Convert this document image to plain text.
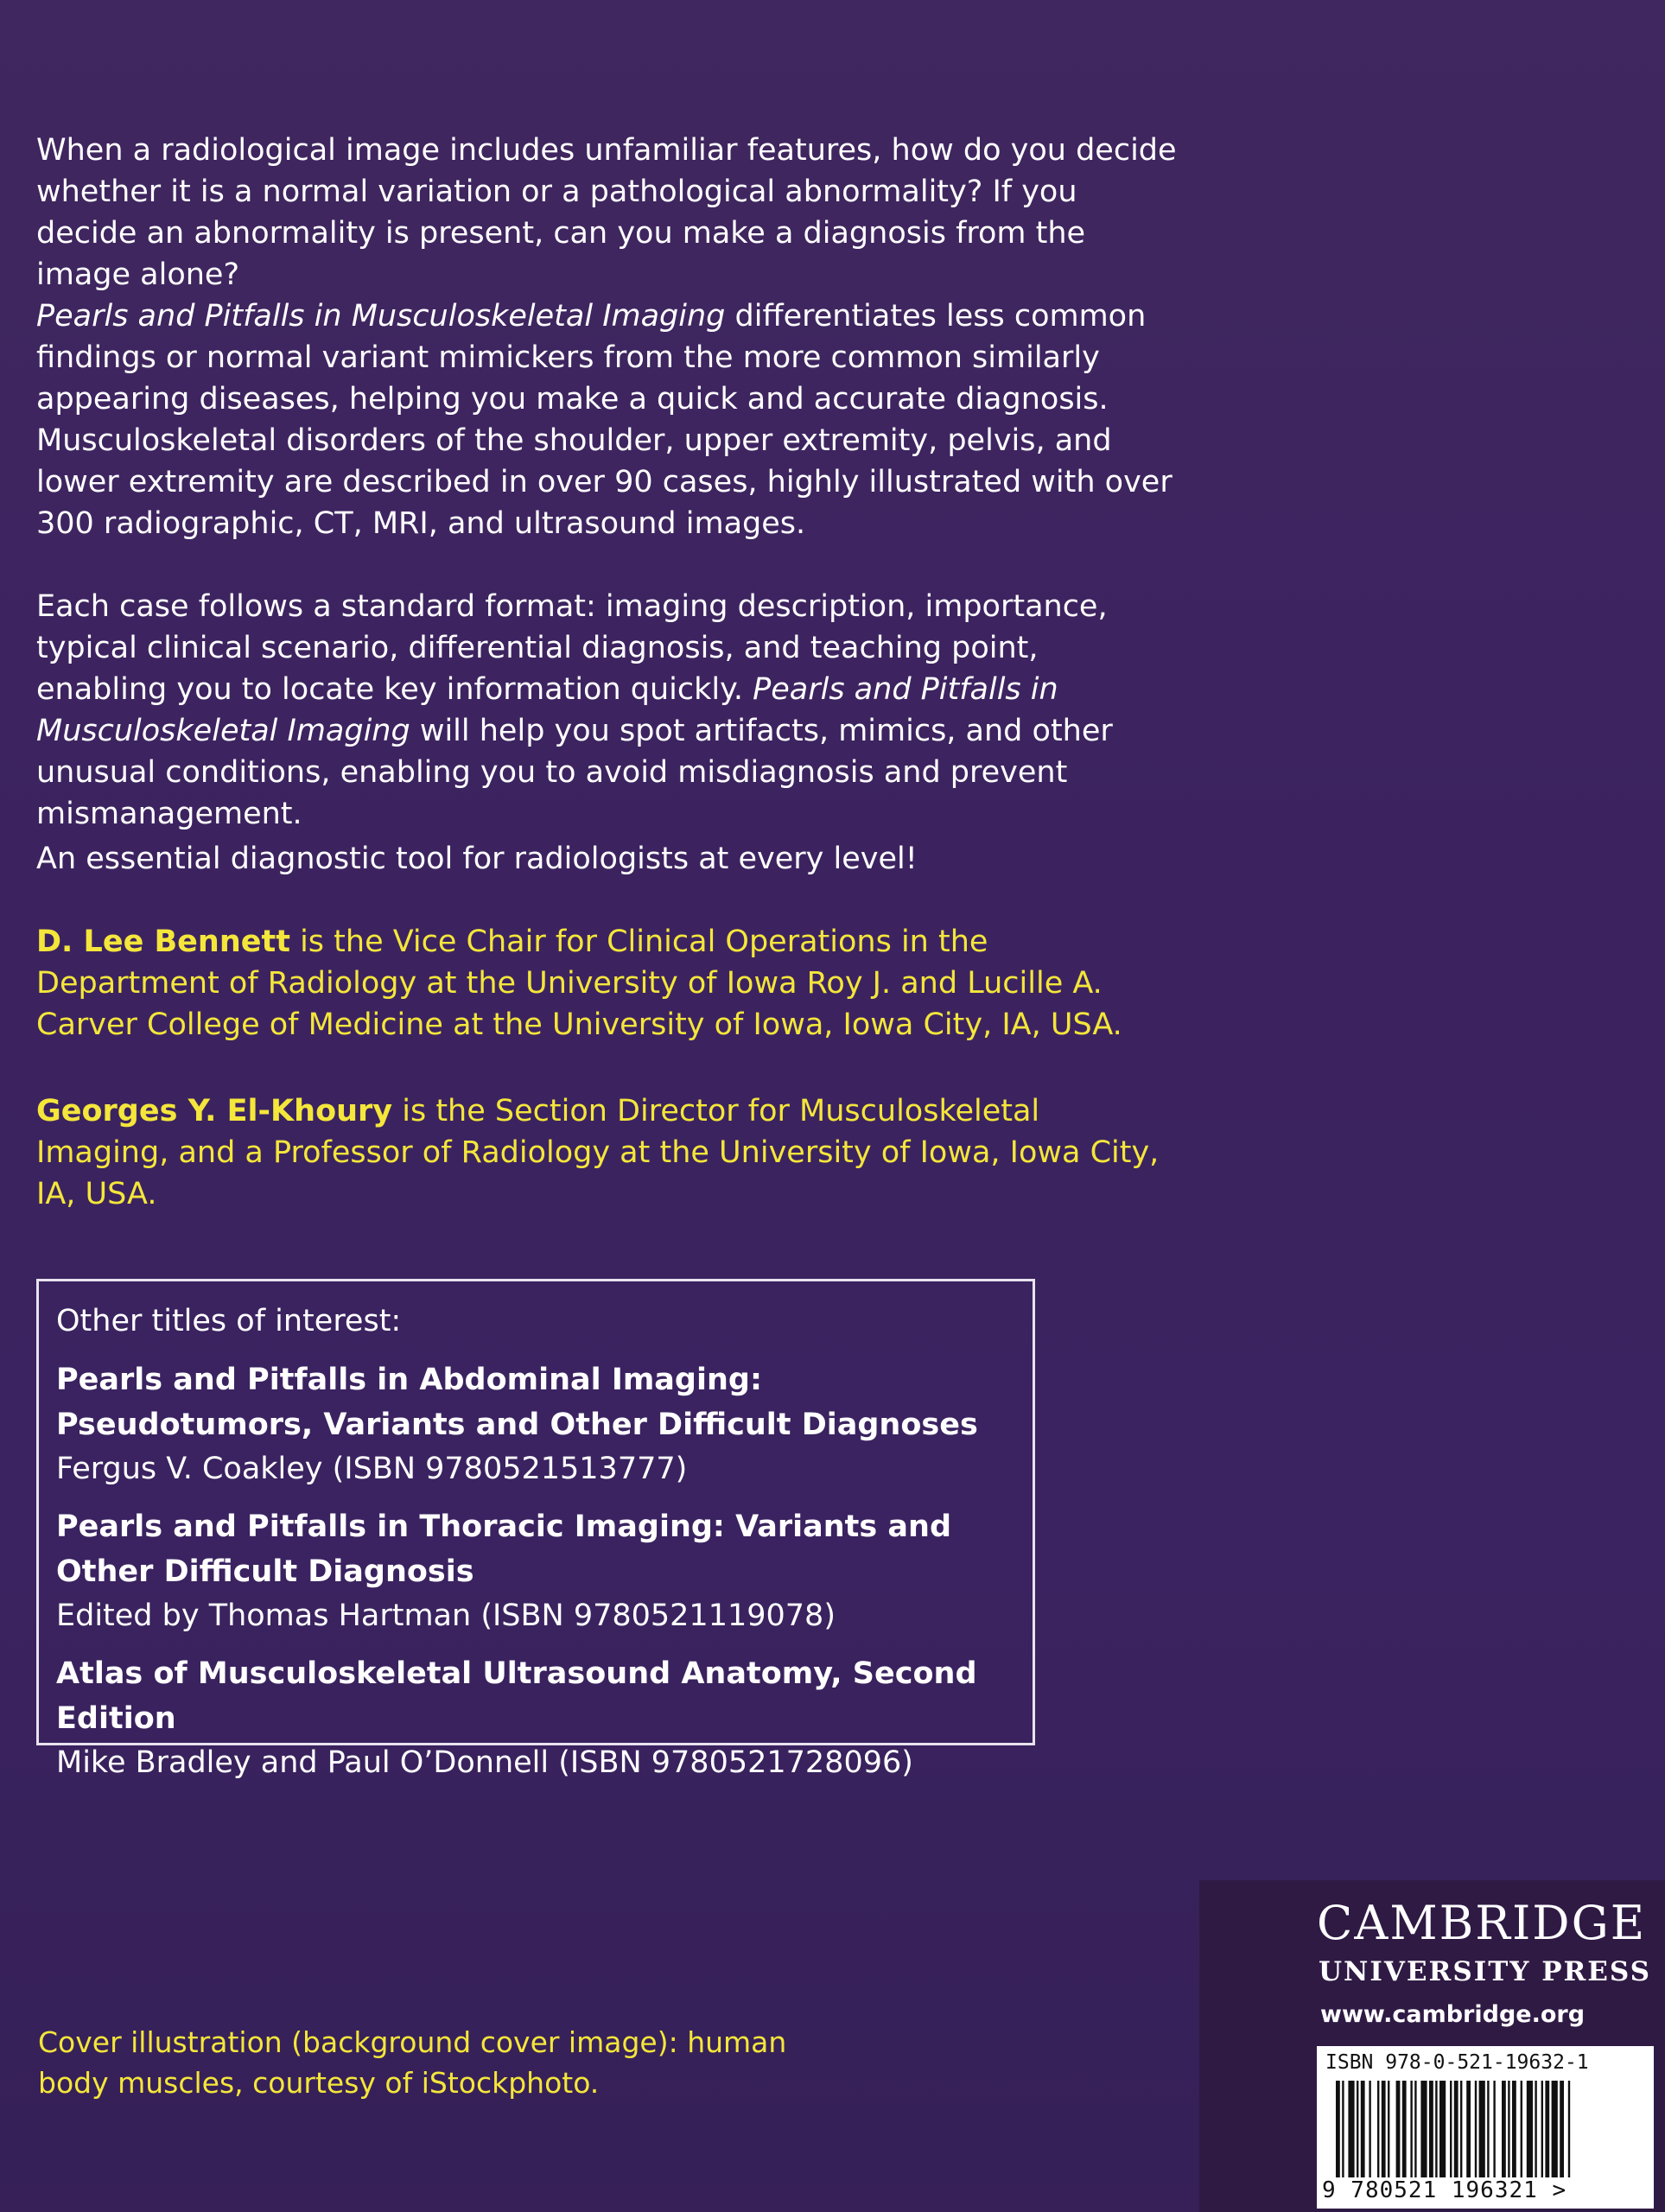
When a radiological image includes unfamiliar features, how do you decide whether it is a normal variation or a pathological abnormality? If you decide an abnormality is present, can you make a diagnosis from the image alone?

Pearls and Pitfalls in Musculoskeletal Imaging differentiates less common findings or normal variant mimickers from the more common similarly appearing diseases, helping you make a quick and accurate diagnosis. Musculoskeletal disorders of the shoulder, upper extremity, pelvis, and lower extremity are described in over 90 cases, highly illustrated with over 300 radiographic, CT, MRI, and ultrasound images.

Each case follows a standard format: imaging description, importance, typical clinical scenario, differential diagnosis, and teaching point, enabling you to locate key information quickly. Pearls and Pitfalls in Musculoskeletal Imaging will help you spot artifacts, mimics, and other unusual conditions, enabling you to avoid misdiagnosis and prevent mismanagement.

An essential diagnostic tool for radiologists at every level!

D. Lee Bennett is the Vice Chair for Clinical Operations in the Department of Radiology at the University of Iowa Roy J. and Lucille A. Carver College of Medicine at the University of Iowa, Iowa City, IA, USA.

Georges Y. El-Khoury is the Section Director for Musculoskeletal Imaging, and a Professor of Radiology at the University of Iowa, Iowa City, IA, USA.

Other titles of interest:
Pearls and Pitfalls in Abdominal Imaging: Pseudotumors, Variants and Other Difficult Diagnoses
Fergus V. Coakley (ISBN 9780521513777)
Pearls and Pitfalls in Thoracic Imaging: Variants and Other Difficult Diagnosis
Edited by Thomas Hartman (ISBN 9780521119078)
Atlas of Musculoskeletal Ultrasound Anatomy, Second Edition
Mike Bradley and Paul O’Donnell (ISBN 9780521728096)
Cover illustration (background cover image): human body muscles, courtesy of iStockphoto.
CAMBRIDGE
UNIVERSITY PRESS
www.cambridge.org
ISBN 978-0-521-19632-1
9 780521 196321 >
